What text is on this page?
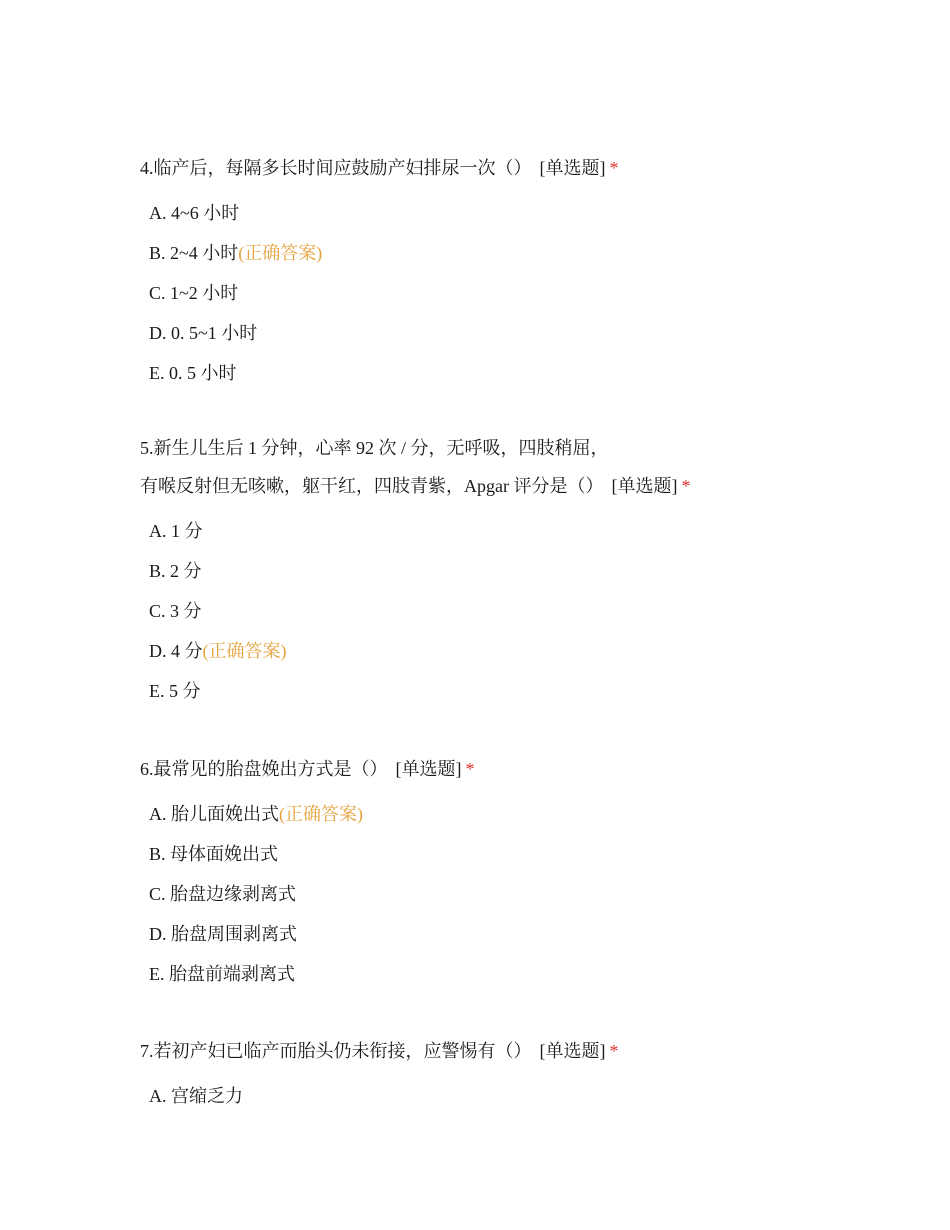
4.临产后，每隔多长时间应鼓励产妇排尿一次（） [单选题] *
A. 4~6 小时
B. 2~4 小时(正确答案)
C. 1~2 小时
D. 0. 5~1 小时
E. 0. 5 小时
5.新生儿生后 1 分钟，心率 92 次 / 分，无呼吸，四肢稍屈，
有喉反射但无咳嗽，躯干红，四肢青紫，Apgar 评分是（） [单选题] *
A. 1 分
B. 2 分
C. 3 分
D. 4 分(正确答案)
E. 5 分
6.最常见的胎盘娩出方式是（） [单选题] *
A. 胎儿面娩出式(正确答案)
B. 母体面娩出式
C. 胎盘边缘剥离式
D. 胎盘周围剥离式
E. 胎盘前端剥离式
7.若初产妇已临产而胎头仍未衔接，应警惕有（） [单选题] *
A. 宫缩乏力
